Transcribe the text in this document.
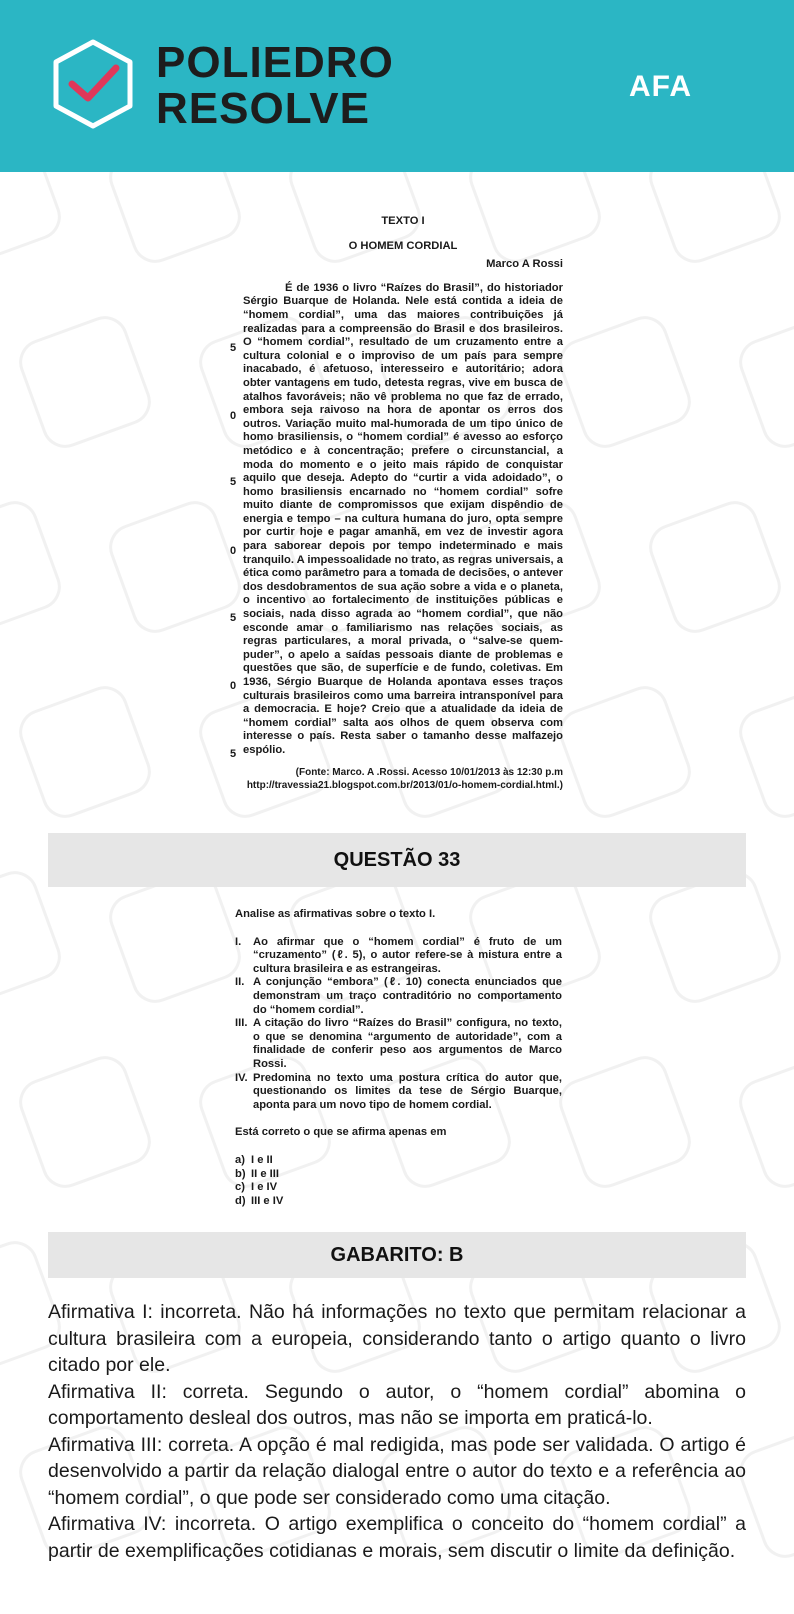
POLIEDRO
RESOLVE	AFA

TEXTO I

O HOMEM CORDIAL

Marco A Rossi

É de 1936 o livro “Raízes do Brasil”, do historiador Sérgio Buarque de Holanda. Nele está contida a ideia de “homem cordial”, uma das maiores contribuições já realizadas para a compreensão do Brasil e dos brasileiros. O “homem cordial”, resultado de um cruzamento entre a cultura colonial e o improviso de um país para sempre inacabado, é afetuoso, interesseiro e autoritário; adora obter vantagens em tudo, detesta regras, vive em busca de atalhos favoráveis; não vê problema no que faz de errado, embora seja raivoso na hora de apontar os erros dos outros. Variação muito mal-humorada de um tipo único de homo brasiliensis, o “homem cordial” é avesso ao esforço metódico e à concentração; prefere o circunstancial, a moda do momento e o jeito mais rápido de conquistar aquilo que deseja. Adepto do “curtir a vida adoidado”, o homo brasiliensis encarnado no “homem cordial” sofre muito diante de compromissos que exijam dispêndio de energia e tempo – na cultura humana do juro, opta sempre por curtir hoje e pagar amanhã, em vez de investir agora para saborear depois por tempo indeterminado e mais tranquilo. A impessoalidade no trato, as regras universais, a ética como parâmetro para a tomada de decisões, o antever dos desdobramentos de sua ação sobre a vida e o planeta, o incentivo ao fortalecimento de instituições públicas e sociais, nada disso agrada ao “homem cordial”, que não esconde amar o familiarismo nas relações sociais, as regras particulares, a moral privada, o “salve-se quem-puder”, o apelo a saídas pessoais diante de problemas e questões que são, de superfície e de fundo, coletivas. Em 1936, Sérgio Buarque de Holanda apontava esses traços culturais brasileiros como uma barreira intransponível para a democracia. E hoje? Creio que a atualidade da ideia de “homem cordial” salta aos olhos de quem observa com interesse o país. Resta saber o tamanho desse malfazejo espólio.

(Fonte: Marco. A .Rossi. Acesso 10/01/2013 às 12:30 p.m
http://travessia21.blogspot.com.br/2013/01/o-homem-cordial.html.)
5
0
5
0
5
0
5
QUESTÃO 33

Analise as afirmativas sobre o texto I.

I.	Ao afirmar que o “homem cordial” é fruto de um “cruzamento” (ℓ. 5), o autor refere-se à mistura entre a cultura brasileira e as estrangeiras.
II. A conjunção “embora” (ℓ. 10) conecta enunciados que demonstram um traço contraditório no comportamento do “homem cordial”.
III. A citação do livro “Raízes do Brasil” configura, no texto, o que se denomina “argumento de autoridade”, com a finalidade de conferir peso aos argumentos de Marco Rossi.
IV. Predomina no texto uma postura crítica do autor que, questionando os limites da tese de Sérgio Buarque, aponta para um novo tipo de homem cordial.

Está correto o que se afirma apenas em

a) I e II
b) II e III
c) I e IV
d) III e IV
GABARITO: B

Afirmativa I: incorreta. Não há informações no texto que permitam relacionar a cultura brasileira com a europeia, considerando tanto o artigo quanto o livro citado por ele.

Afirmativa II: correta. Segundo o autor, o “homem cordial” abomina o comportamento desleal dos outros, mas não se importa em praticá-lo.

Afirmativa III: correta. A opção é mal redigida, mas pode ser validada. O artigo é desenvolvido a partir da relação dialogal entre o autor do texto e a referência ao “homem cordial”, o que pode ser considerado como uma citação.

Afirmativa IV: incorreta. O artigo exemplifica o conceito do “homem cordial” a partir de exemplificações cotidianas e morais, sem discutir o limite da definição.
